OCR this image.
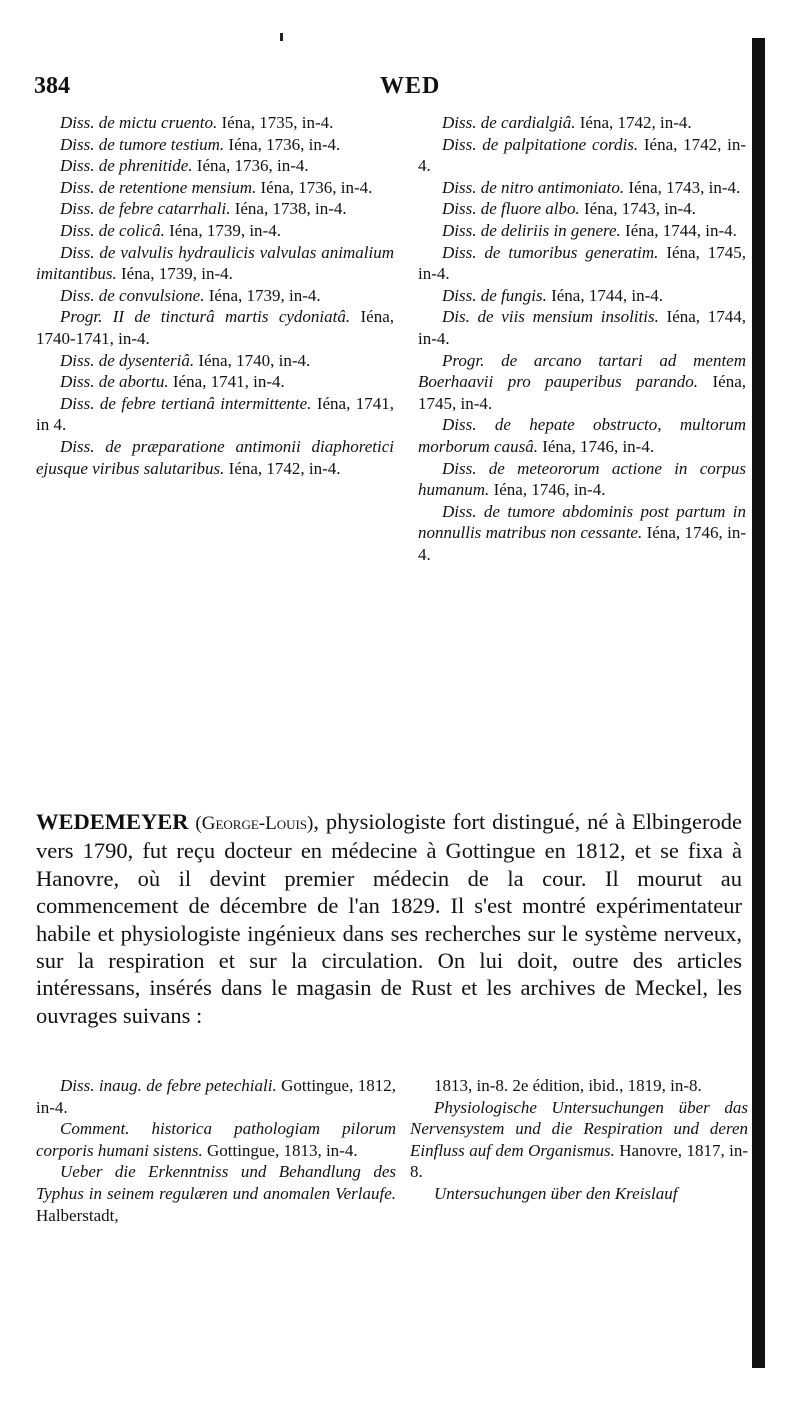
384	WED

Diss. de mictu cruento. Iéna, 1735, in-4.

Diss. de tumore testium. Iéna, 1736, in-4.

Diss. de phrenitide. Iéna, 1736, in-4.

Diss. de retentione mensium. Iéna, 1736, in-4.

Diss. de febre catarrhali. Iéna, 1738, in-4.

Diss. de colicâ. Iéna, 1739, in-4.

Diss. de valvulis hydraulicis valvulas animalium imitantibus. Iéna, 1739, in-4.

Diss. de convulsione. Iéna, 1739, in-4.

Progr. II de tincturâ martis cydoniatâ. Iéna, 1740-1741, in-4.

Diss. de dysenteriâ. Iéna, 1740, in-4.

Diss. de abortu. Iéna, 1741, in-4.

Diss. de febre tertianâ intermittente. Iéna, 1741, in 4.

Diss. de præparatione antimonii diaphoretici ejusque viribus salutaribus. Iéna, 1742, in-4.

Diss. de cardialgiâ. Iéna, 1742, in-4.

Diss. de palpitatione cordis. Iéna, 1742, in-4.

Diss. de nitro antimoniato. Iéna, 1743, in-4.

Diss. de fluore albo. Iéna, 1743, in-4.

Diss. de deliriis in genere. Iéna, 1744, in-4.

Diss. de tumoribus generatim. Iéna, 1745, in-4.

Diss. de fungis. Iéna, 1744, in-4.

Dis. de viis mensium insolitis. Iéna, 1744, in-4.

Progr. de arcano tartari ad mentem Boerhaavii pro pauperibus parando. Iéna, 1745, in-4.

Diss. de hepate obstructo, multorum morborum causâ. Iéna, 1746, in-4.

Diss. de meteororum actione in corpus humanum. Iéna, 1746, in-4.

Diss. de tumore abdominis post partum in nonnullis matribus non cessante. Iéna, 1746, in-4.

WEDEMEYER (George-Louis), physiologiste fort distingué, né à Elbingerode vers 1790, fut reçu docteur en médecine à Gottingue en 1812, et se fixa à Hanovre, où il devint premier médecin de la cour. Il mourut au commencement de décembre de l'an 1829. Il s'est montré expérimentateur habile et physiologiste ingénieux dans ses recherches sur le système nerveux, sur la respiration et sur la circulation. On lui doit, outre des articles intéressans, insérés dans le magasin de Rust et les archives de Meckel, les ouvrages suivans :

Diss. inaug. de febre petechiali. Gottingue, 1812, in-4.

Comment. historica pathologiam pilorum corporis humani sistens. Gottingue, 1813, in-4.

Ueber die Erkenntniss und Behandlung des Typhus in seinem regulæren und anomalen Verlaufe. Halberstadt,

1813, in-8. 2e édition, ibid., 1819, in-8.

Physiologische Untersuchungen über das Nervensystem und die Respiration und deren Einfluss auf dem Organismus. Hanovre, 1817, in-8.

Untersuchungen über den Kreislauf
